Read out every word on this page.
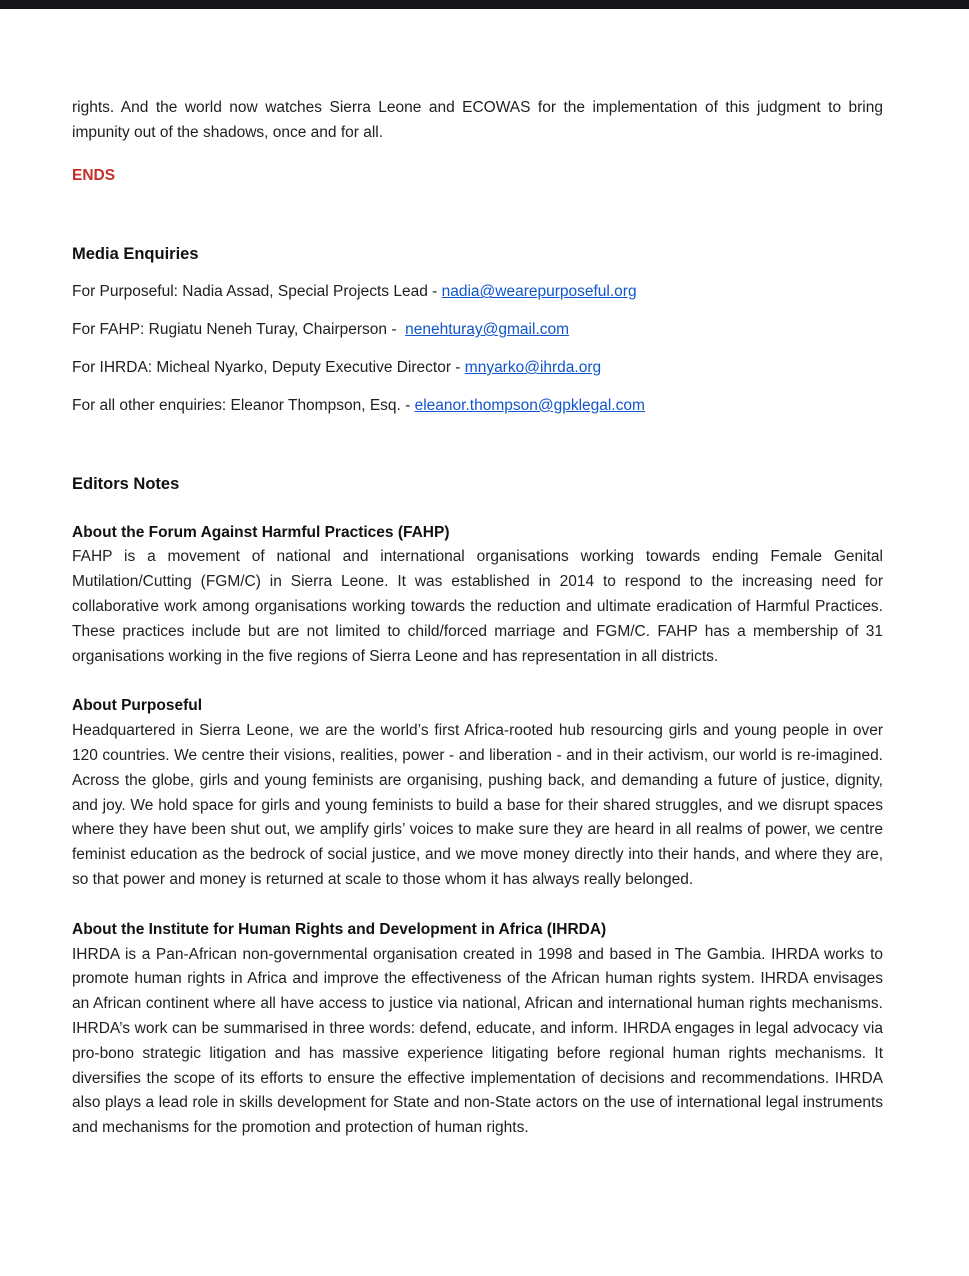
rights. And the world now watches Sierra Leone and ECOWAS for the implementation of this judgment to bring impunity out of the shadows, once and for all.

ENDS

Media Enquiries

For Purposeful: Nadia Assad, Special Projects Lead - nadia@wearepurposeful.org

For FAHP: Rugiatu Neneh Turay, Chairperson -  nenehturay@gmail.com

For IHRDA: Micheal Nyarko, Deputy Executive Director - mnyarko@ihrda.org

For all other enquiries: Eleanor Thompson, Esq. - eleanor.thompson@gpklegal.com

Editors Notes
About the Forum Against Harmful Practices (FAHP)

FAHP is a movement of national and international organisations working towards ending Female Genital Mutilation/Cutting (FGM/C) in Sierra Leone. It was established in 2014 to respond to the increasing need for collaborative work among organisations working towards the reduction and ultimate eradication of Harmful Practices. These practices include but are not limited to child/forced marriage and FGM/C. FAHP has a membership of 31 organisations working in the five regions of Sierra Leone and has representation in all districts.

About Purposeful

Headquartered in Sierra Leone, we are the world’s first Africa-rooted hub resourcing girls and young people in over 120 countries. We centre their visions, realities, power - and liberation - and in their activism, our world is re-imagined. Across the globe, girls and young feminists are organising, pushing back, and demanding a future of justice, dignity, and joy. We hold space for girls and young feminists to build a base for their shared struggles, and we disrupt spaces where they have been shut out, we amplify girls’ voices to make sure they are heard in all realms of power, we centre feminist education as the bedrock of social justice, and we move money directly into their hands, and where they are, so that power and money is returned at scale to those whom it has always really belonged.

About the Institute for Human Rights and Development in Africa (IHRDA)

IHRDA is a Pan-African non-governmental organisation created in 1998 and based in The Gambia. IHRDA works to promote human rights in Africa and improve the effectiveness of the African human rights system. IHRDA envisages an African continent where all have access to justice via national, African and international human rights mechanisms. IHRDA’s work can be summarised in three words: defend, educate, and inform. IHRDA engages in legal advocacy via pro-bono strategic litigation and has massive experience litigating before regional human rights mechanisms. It diversifies the scope of its efforts to ensure the effective implementation of decisions and recommendations. IHRDA also plays a lead role in skills development for State and non-State actors on the use of international legal instruments and mechanisms for the promotion and protection of human rights.
